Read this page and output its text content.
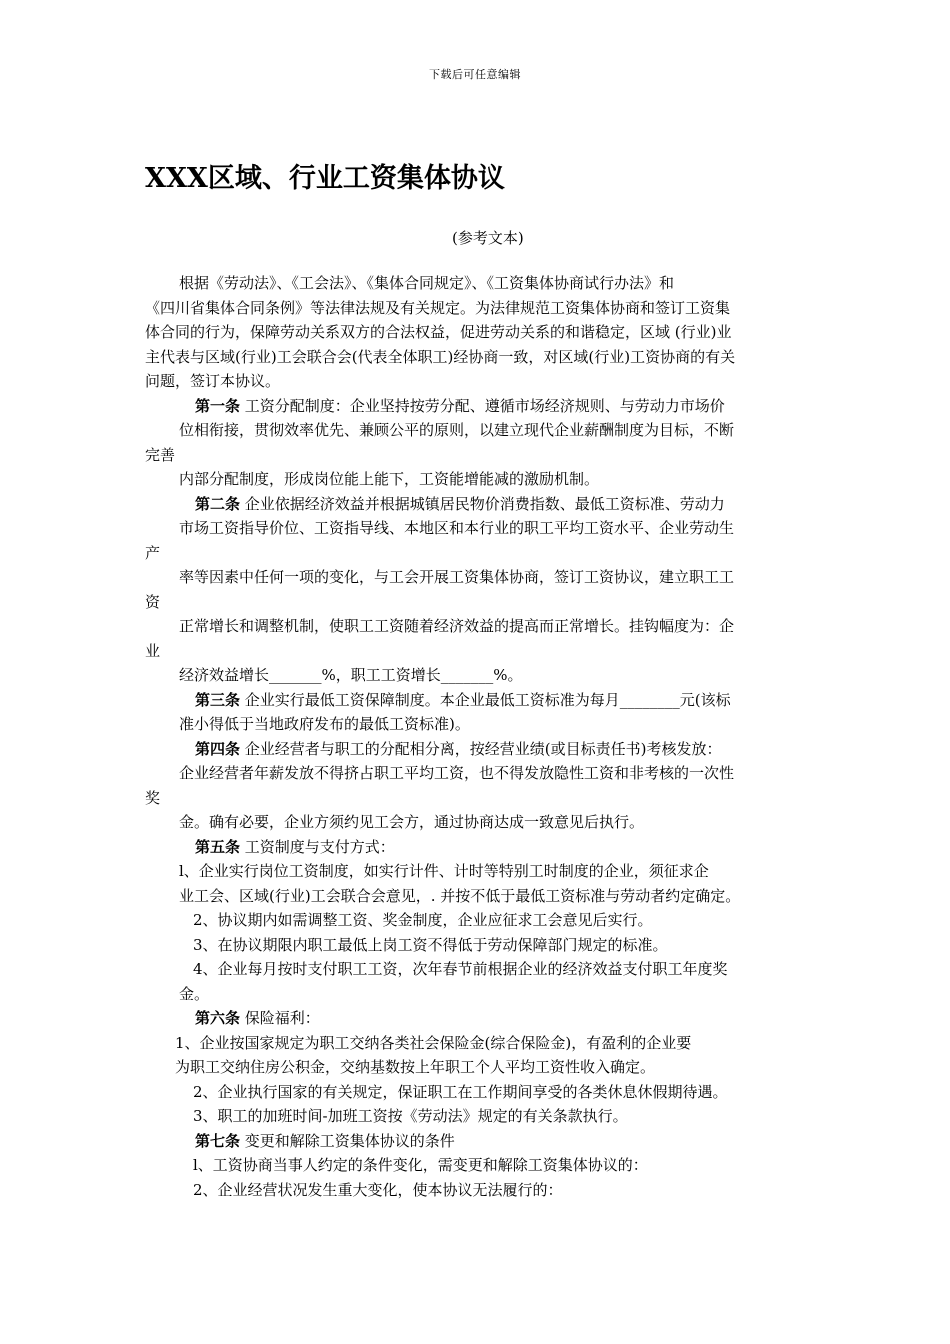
下载后可任意编辑
XXX区域、行业工资集体协议
(参考文本)
根据《劳动法》、《工会法》、《集体合同规定》、《工资集体协商试行办法》和
《四川省集体合同条例》等法律法规及有关规定。为法律规范工资集体协商和签订工资集
体合同的行为，保障劳动关系双方的合法权益，促进劳动关系的和谐稳定，区域 (行业)业
主代表与区域(行业)工会联合会(代表全体职工)经协商一致，对区域(行业)工资协商的有关
问题，签订本协议。
第一条 工资分配制度：企业坚持按劳分配、遵循市场经济规则、与劳动力市场价
位相衔接，贯彻效率优先、兼顾公平的原则，以建立现代企业薪酬制度为目标，不断
完善
内部分配制度，形成岗位能上能下，工资能增能减的激励机制。
第二条 企业依据经济效益并根据城镇居民物价消费指数、最低工资标准、劳动力
市场工资指导价位、工资指导线、本地区和本行业的职工平均工资水平、企业劳动生
产
率等因素中任何一项的变化，与工会开展工资集体协商，签订工资协议，建立职工工
资
正常增长和调整机制，使职工工资随着经济效益的提高而正常增长。挂钩幅度为：企
业
经济效益增长_______%，职工工资增长_______%。
第三条 企业实行最低工资保障制度。本企业最低工资标准为每月________元(该标
准小得低于当地政府发布的最低工资标准)。
第四条 企业经营者与职工的分配相分离，按经营业绩(或目标责任书)考核发放：
企业经营者年薪发放不得挤占职工平均工资，也不得发放隐性工资和非考核的一次性
奖
金。确有必要，企业方须约见工会方，通过协商达成一致意见后执行。
第五条 工资制度与支付方式：
l、企业实行岗位工资制度，如实行计件、计时等特别工时制度的企业，须征求企
业工会、区域(行业)工会联合会意见，. 并按不低于最低工资标准与劳动者约定确定。
2、协议期内如需调整工资、奖金制度，企业应征求工会意见后实行。
3、在协议期限内职工最低上岗工资不得低于劳动保障部门规定的标准。
4、企业每月按时支付职工工资，次年春节前根据企业的经济效益支付职工年度奖
金。
第六条 保险福利：
1、企业按国家规定为职工交纳各类社会保险金(综合保险金)，有盈利的企业要
为职工交纳住房公积金，交纳基数按上年职工个人平均工资性收入确定。
2、企业执行国家的有关规定，保证职工在工作期间享受的各类休息休假期待遇。
3、职工的加班时间-加班工资按《劳动法》规定的有关条款执行。
第七条 变更和解除工资集体协议的条件
l、工资协商当事人约定的条件变化，需变更和解除工资集体协议的：
2、企业经营状况发生重大变化，使本协议无法履行的：
